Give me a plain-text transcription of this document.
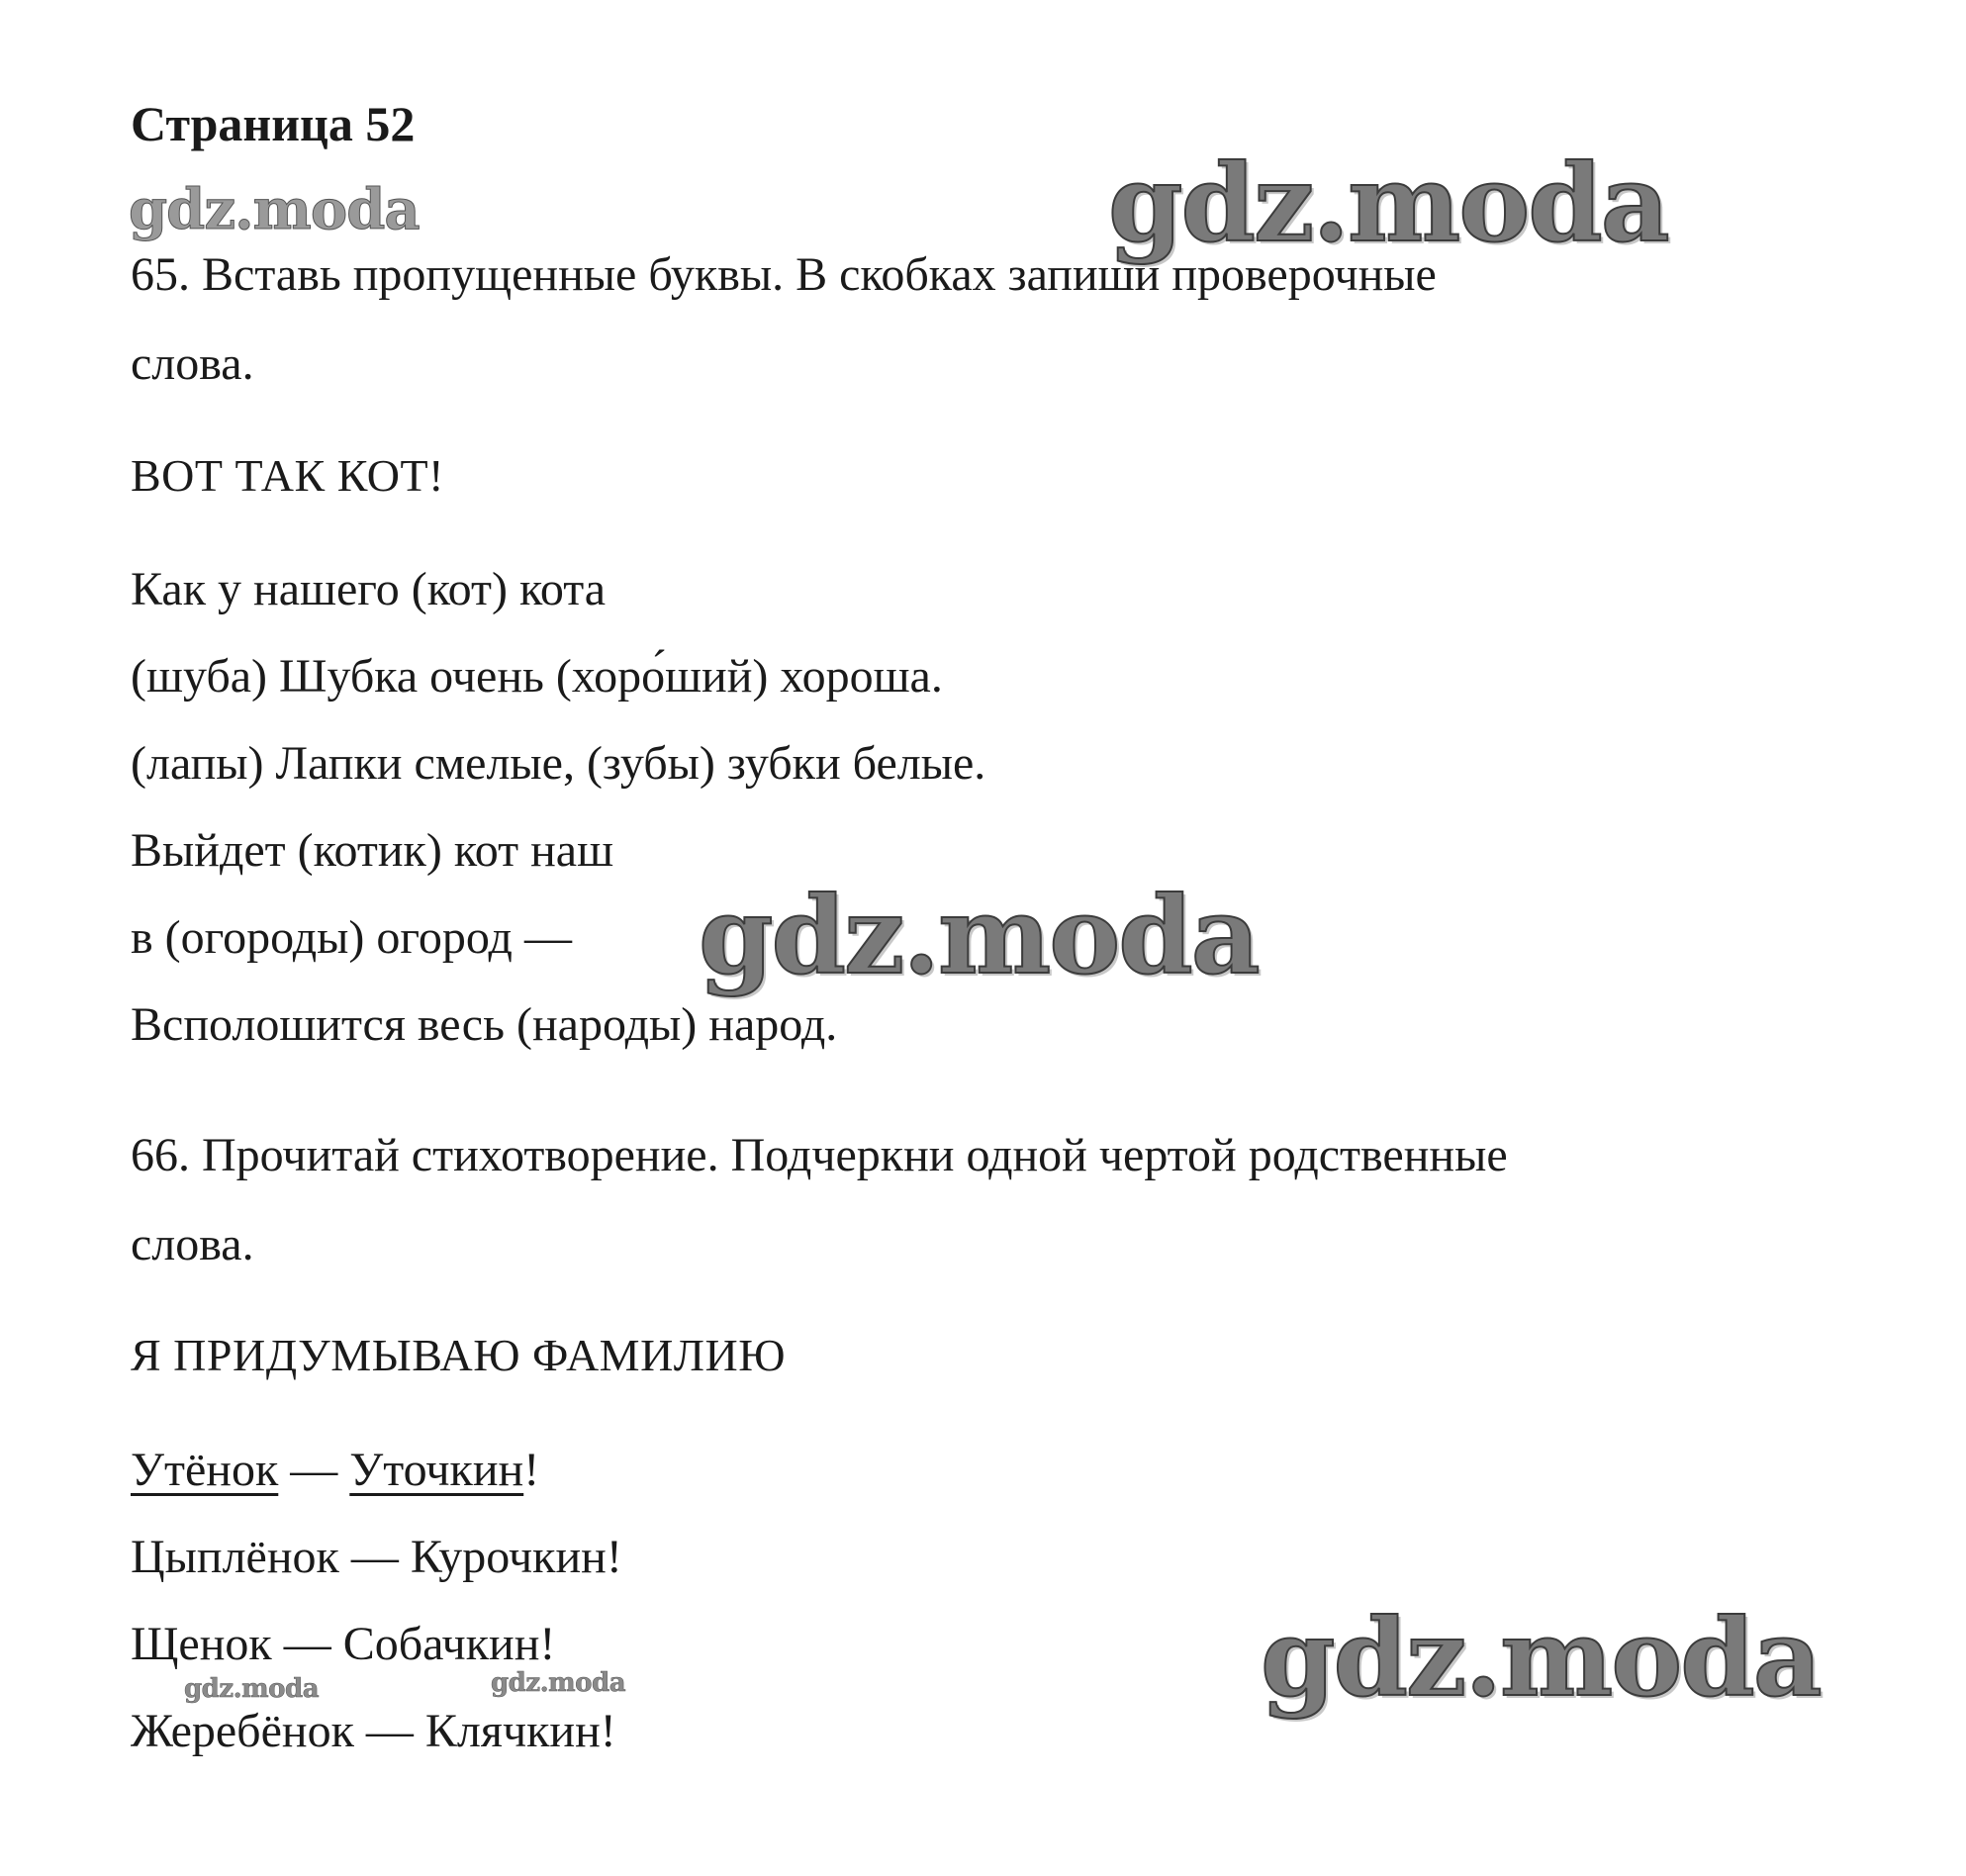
Страница 52

65. Вставь пропущенные буквы. В скобках запиши проверочные

слова.

ВОТ ТАК КОТ!

Как у нашего (кот) кота

(шуба) Шубка очень (хоро́ший) хороша.

(лапы) Лапки смелые, (зубы) зубки белые.

Выйдет (котик) кот наш

в (огороды) огород —

Всполошится весь (народы) народ.

66. Прочитай стихотворение. Подчеркни одной чертой родственные

слова.

Я ПРИДУМЫВАЮ ФАМИЛИЮ

Утёнок — Уточкин!

Цыплёнок — Курочкин!

Щенок — Собачкин!

Жеребёнок — Клячкин!

gdz.moda	gdz.moda
gdz.moda
gdz.moda
gdz.moda	gdz.moda
